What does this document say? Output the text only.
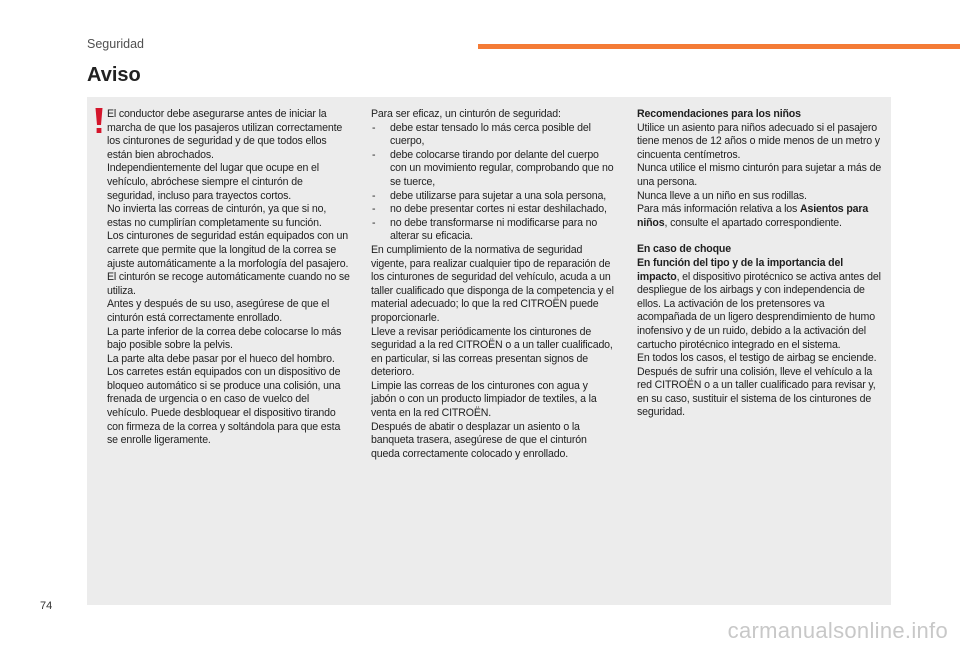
Seguridad
Aviso

El conductor debe asegurarse antes de iniciar la marcha de que los pasajeros utilizan correctamente los cinturones de seguridad y de que todos ellos están bien abrochados.

Independientemente del lugar que ocupe en el vehículo, abróchese siempre el cinturón de seguridad, incluso para trayectos cortos.

No invierta las correas de cinturón, ya que si no, estas no cumplirían completamente su función.

Los cinturones de seguridad están equipados con un carrete que permite que la longitud de la correa se ajuste automáticamente a la morfología del pasajero. El cinturón se recoge automáticamente cuando no se utiliza.

Antes y después de su uso, asegúrese de que el cinturón está correctamente enrollado.

La parte inferior de la correa debe colocarse lo más bajo posible sobre la pelvis.

La parte alta debe pasar por el hueco del hombro.

Los carretes están equipados con un dispositivo de bloqueo automático si se produce una colisión, una frenada de urgencia o en caso de vuelco del vehículo. Puede desbloquear el dispositivo tirando con firmeza de la correa y soltándola para que esta se enrolle ligeramente.

Para ser eficaz, un cinturón de seguridad:

- debe estar tensado lo más cerca posible del cuerpo,
- debe colocarse tirando por delante del cuerpo con un movimiento regular, comprobando que no se tuerce,
- debe utilizarse para sujetar a una sola persona,
- no debe presentar cortes ni estar deshilachado,
- no debe transformarse ni modificarse para no alterar su eficacia.

En cumplimiento de la normativa de seguridad vigente, para realizar cualquier tipo de reparación de los cinturones de seguridad del vehículo, acuda a un taller cualificado que disponga de la competencia y el material adecuado; lo que la red CITROËN puede proporcionarle.

Lleve a revisar periódicamente los cinturones de seguridad a la red CITROËN o a un taller cualificado, en particular, si las correas presentan signos de deterioro.

Limpie las correas de los cinturones con agua y jabón o con un producto limpiador de textiles, a la venta en la red CITROËN.

Después de abatir o desplazar un asiento o la banqueta trasera, asegúrese de que el cinturón queda correctamente colocado y enrollado.

Recomendaciones para los niños

Utilice un asiento para niños adecuado si el pasajero tiene menos de 12 años o mide menos de un metro y cincuenta centímetros.

Nunca utilice el mismo cinturón para sujetar a más de una persona.

Nunca lleve a un niño en sus rodillas.

Para más información relativa a los Asientos para niños, consulte el apartado correspondiente.

En caso de choque

En función del tipo y de la importancia del impacto, el dispositivo pirotécnico se activa antes del despliegue de los airbags y con independencia de ellos. La activación de los pretensores va acompañada de un ligero desprendimiento de humo inofensivo y de un ruido, debido a la activación del cartucho pirotécnico integrado en el sistema.

En todos los casos, el testigo de airbag se enciende.

Después de sufrir una colisión, lleve el vehículo a la red CITROËN o a un taller cualificado para revisar y, en su caso, sustituir el sistema de los cinturones de seguridad.

74
carmanualsonline.info
